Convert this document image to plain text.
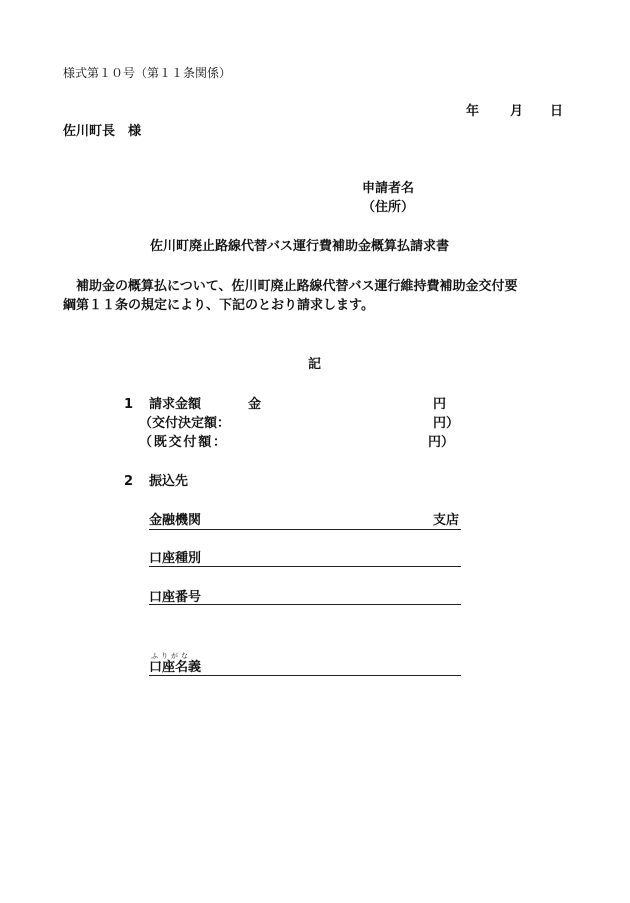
様式第１０号（第１１条関係）
年 月 日
佐川町長　様
申請者名
（住所）
佐川町廃止路線代替バス運行費補助金概算払請求書
補助金の概算払について、佐川町廃止路線代替バス運行維持費補助金交付要
綱第１１条の規定により、下記のとおり請求します。
記
1 請求金額	金	円
（交付決定額：	円）
（既交付額：	円）
2 振込先
金融機関	支店
口座種別
口座番号
ふりがな
口座名義
